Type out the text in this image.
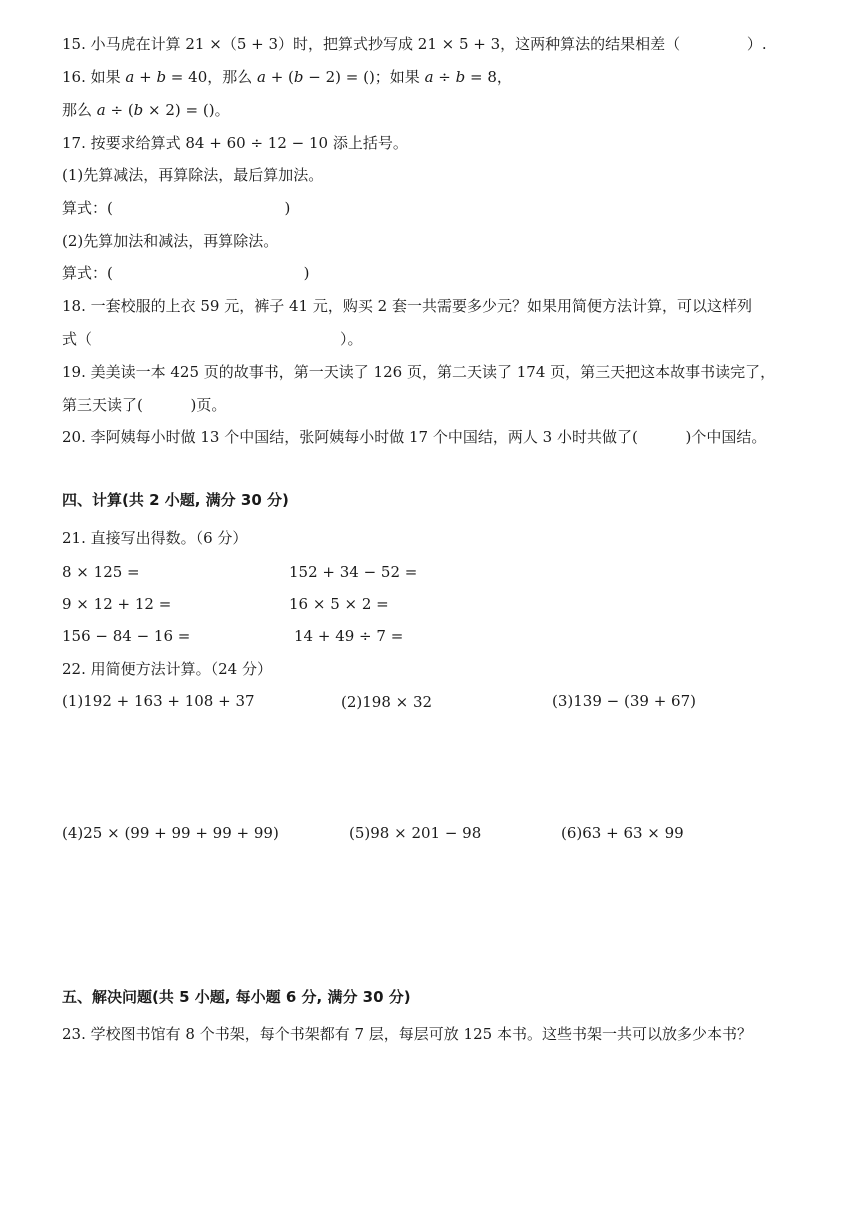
15. 小马虎在计算 21 ×（5 + 3）时，把算式抄写成 21 × 5 + 3，这两种算法的结果相差（              ）.
16. 如果 𝑎 + 𝑏 = 40，那么 𝑎 + (𝑏 − 2) = ()；如果 𝑎 ÷ 𝑏 = 8，
那么 𝑎 ÷ (𝑏 × 2) = ()。
17. 按要求给算式 84 + 60 ÷ 12 − 10 添上括号。
(1)先算减法，再算除法，最后算加法。
算式：(                                    )
(2)先算加法和减法，再算除法。
算式：(                                        )
18. 一套校服的上衣 59 元，裤子 41 元，购买 2 套一共需要多少元？如果用简便方法计算，可以这样列
式（                                                    ）。
19. 美美读一本 425 页的故事书，第一天读了 126 页，第二天读了 174 页，第三天把这本故事书读完了，
第三天读了(          )页。
20. 李阿姨每小时做 13 个中国结，张阿姨每小时做 17 个中国结，两人 3 小时共做了(          )个中国结。
四、计算(共 2 小题, 满分 30 分)
21. 直接写出得数。（6 分）
8 × 125 =	152 + 34 − 52 =
9 × 12 + 12 =	16 × 5 × 2 =
156 − 84 − 16 =	14 + 49 ÷ 7 =
22. 用简便方法计算。（24 分）
(1)192 + 163 + 108 + 37	(2)198 × 32	(3)139 − (39 + 67)
(4)25 × (99 + 99 + 99 + 99)	(5)98 × 201 − 98	(6)63 + 63 × 99
五、解决问题(共 5 小题, 每小题 6 分, 满分 30 分)
23. 学校图书馆有 8 个书架，每个书架都有 7 层，每层可放 125 本书。这些书架一共可以放多少本书？
